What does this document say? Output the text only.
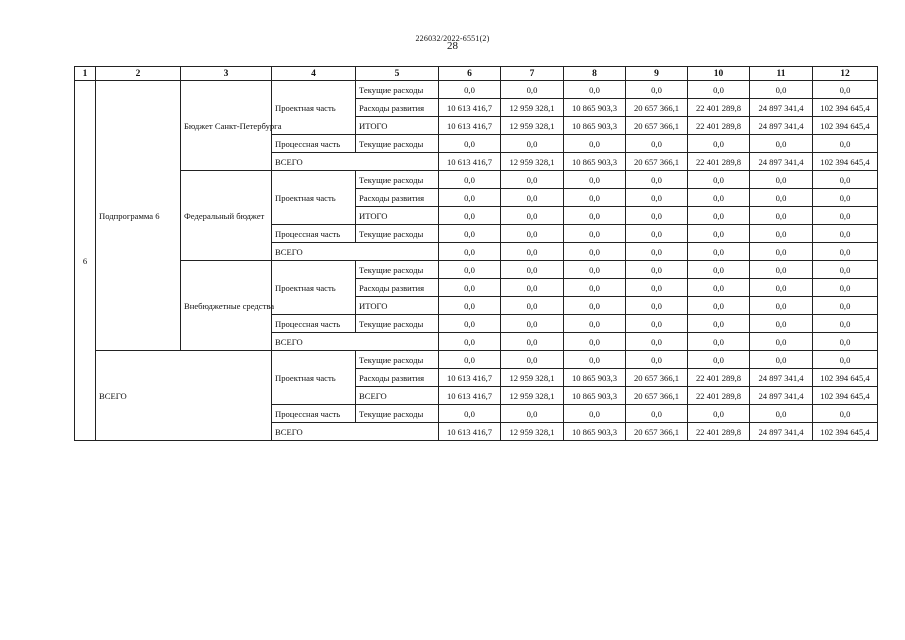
226032/2022-6551(2)
28
1	2	3	4	5	6	7	8	9	10	11	12
6	Подпрограмма 6	Бюджет Санкт-Петербурга	Проектная часть	Текущие расходы	0,0	0,0	0,0	0,0	0,0	0,0	0,0
				Расходы развития	10 613 416,7	12 959 328,1	10 865 903,3	20 657 366,1	22 401 289,8	24 897 341,4	102 394 645,4
				ИТОГО	10 613 416,7	12 959 328,1	10 865 903,3	20 657 366,1	22 401 289,8	24 897 341,4	102 394 645,4
			Процессная часть	Текущие расходы	0,0	0,0	0,0	0,0	0,0	0,0	0,0
			ВСЕГО		10 613 416,7	12 959 328,1	10 865 903,3	20 657 366,1	22 401 289,8	24 897 341,4	102 394 645,4
		Федеральный бюджет	Проектная часть	Текущие расходы	0,0	0,0	0,0	0,0	0,0	0,0	0,0
				Расходы развития	0,0	0,0	0,0	0,0	0,0	0,0	0,0
				ИТОГО	0,0	0,0	0,0	0,0	0,0	0,0	0,0
			Процессная часть	Текущие расходы	0,0	0,0	0,0	0,0	0,0	0,0	0,0
			ВСЕГО		0,0	0,0	0,0	0,0	0,0	0,0	0,0
		Внебюджетные средства	Проектная часть	Текущие расходы	0,0	0,0	0,0	0,0	0,0	0,0	0,0
				Расходы развития	0,0	0,0	0,0	0,0	0,0	0,0	0,0
				ИТОГО	0,0	0,0	0,0	0,0	0,0	0,0	0,0
			Процессная часть	Текущие расходы	0,0	0,0	0,0	0,0	0,0	0,0	0,0
			ВСЕГО		0,0	0,0	0,0	0,0	0,0	0,0	0,0
	ВСЕГО		Проектная часть	Текущие расходы	0,0	0,0	0,0	0,0	0,0	0,0	0,0
				Расходы развития	10 613 416,7	12 959 328,1	10 865 903,3	20 657 366,1	22 401 289,8	24 897 341,4	102 394 645,4
				ВСЕГО	10 613 416,7	12 959 328,1	10 865 903,3	20 657 366,1	22 401 289,8	24 897 341,4	102 394 645,4
			Процессная часть	Текущие расходы	0,0	0,0	0,0	0,0	0,0	0,0	0,0
			ВСЕГО		10 613 416,7	12 959 328,1	10 865 903,3	20 657 366,1	22 401 289,8	24 897 341,4	102 394 645,4
